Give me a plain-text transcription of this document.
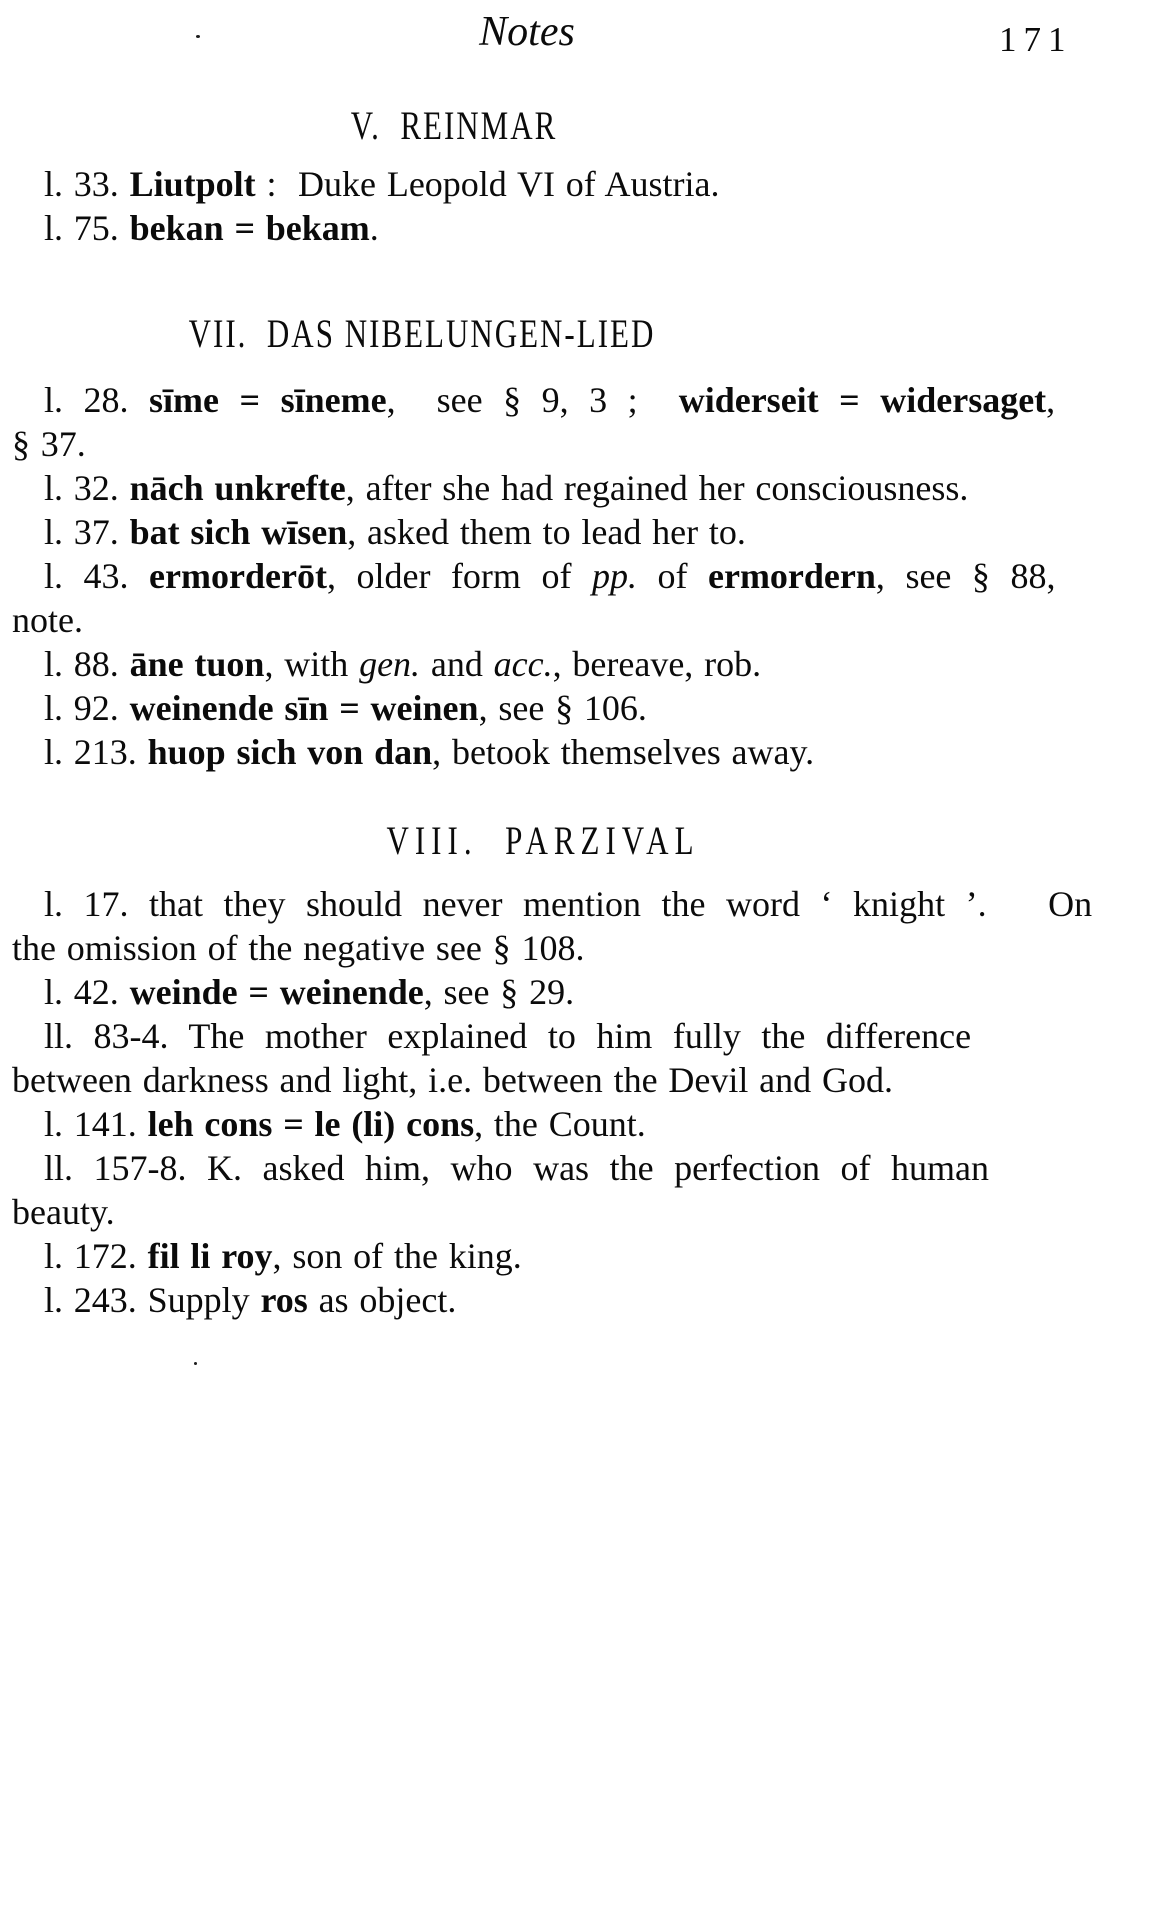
Notes	171
V.  REINMAR
l. 33. Liutpolt :  Duke Leopold VI of Austria.
l. 75. bekan = bekam.
VII.  DAS NIBELUNGEN-LIED
l. 28. sīme = sīneme,  see § 9, 3 ;  widerseit = widersaget,
§ 37.
l. 32. nāch unkrefte, after she had regained her consciousness.
l. 37. bat sich wīsen, asked them to lead her to.
l. 43. ermorderōt, older form of pp. of ermordern, see § 88,
note.
l. 88. āne tuon, with gen. and acc., bereave, rob.
l. 92. weinende sīn = weinen, see § 106.
l. 213. huop sich von dan, betook themselves away.
VIII.  PARZIVAL
l. 17. that they should never mention the word ‘ knight ’.   On
the omission of the negative see § 108.
l. 42. weinde = weinende, see § 29.
ll. 83-4. The mother explained to him fully the difference
between darkness and light, i.e. between the Devil and God.
l. 141. leh cons = le (li) cons, the Count.
ll. 157-8. K. asked him, who was the perfection of human
beauty.
l. 172. fil li roy, son of the king.
l. 243. Supply ros as object.
